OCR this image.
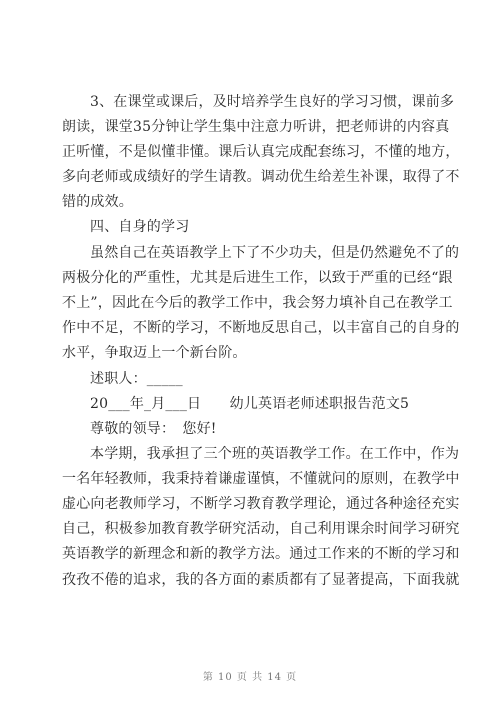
3、在课堂或课后，及时培养学生良好的学习习惯，课前多
朗读，课堂35分钟让学生集中注意力听讲，把老师讲的内容真
正听懂，不是似懂非懂。课后认真完成配套练习，不懂的地方，
多向老师或成绩好的学生请教。调动优生给差生补课，取得了不
错的成效。
四、自身的学习
虽然自己在英语教学上下了不少功夫，但是仍然避免不了的
两极分化的严重性，尤其是后进生工作，以致于严重的已经“跟
不上”，因此在今后的教学工作中，我会努力填补自己在教学工
作中不足，不断的学习，不断地反思自己，以丰富自己的自身的
水平，争取迈上一个新台阶。
述职人：_____
20___年_月___日　　幼儿英语老师述职报告范文5
尊敬的领导：　您好!
本学期，我承担了三个班的英语教学工作。在工作中，作为
一名年轻教师，我秉持着谦虚谨慎，不懂就问的原则，在教学中
虚心向老教师学习，不断学习教育教学理论，通过各种途径充实
自己，积极参加教育教学研究活动，自己利用课余时间学习研究
英语教学的新理念和新的教学方法。通过工作来的不断的学习和
孜孜不倦的追求，我的各方面的素质都有了显著提高，下面我就
第 10 页 共 14 页
